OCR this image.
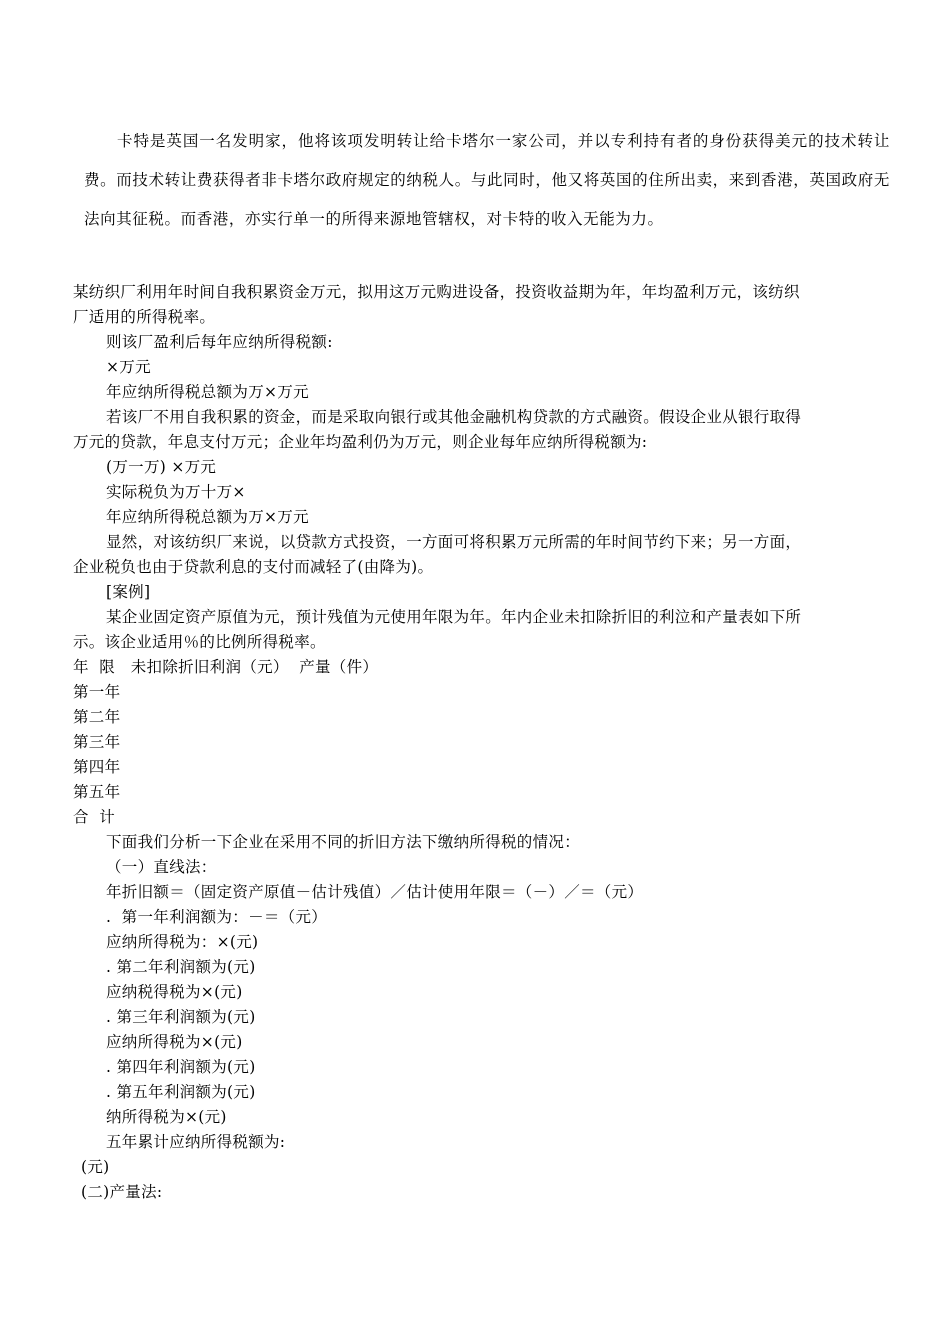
卡特是英国一名发明家，他将该项发明转让给卡塔尔一家公司，并以专利持有者的身份获得美元的技术转让费。而技术转让费获得者非卡塔尔政府规定的纳税人。与此同时，他又将英国的住所出卖，来到香港，英国政府无法向其征税。而香港，亦实行单一的所得来源地管辖权，对卡特的收入无能为力。
某纺织厂利用年时间自我积累资金万元，拟用这万元购进设备，投资收益期为年，年均盈利万元，该纺织
厂适用的所得税率。
则该厂盈利后每年应纳所得税额:
×万元
年应纳所得税总额为万×万元
若该厂不用自我积累的资金，而是采取向银行或其他金融机构贷款的方式融资。假设企业从银行取得
万元的贷款，年息支付万元；企业年均盈利仍为万元，则企业每年应纳所得税额为:
(万一万) ×万元
实际税负为万十万×
年应纳所得税总额为万×万元
显然，对该纺织厂来说，以贷款方式投资，一方面可将积累万元所需的年时间节约下来；另一方面，
企业税负也由于贷款利息的支付而减轻了(由降为)。
[案例]
某企业固定资产原值为元，预计残值为元使用年限为年。年内企业未扣除折旧的利泣和产量表如下所
示。该企业适用％的比例所得税率。
年  限   未扣除折旧利润（元）  产量（件）
第一年
第二年
第三年
第四年
第五年
合  计
下面我们分析一下企业在采用不同的折旧方法下缴纳所得税的情况：
（一）直线法：
年折旧额＝（固定资产原值－估计残值）／估计使用年限＝（－）／＝（元）
.  第一年利润额为：－＝（元）
应纳所得税为：×(元)
. 第二年利润额为(元)
应纳税得税为×(元)
. 第三年利润额为(元)
应纳所得税为×(元)
. 第四年利润额为(元)
. 第五年利润额为(元)
纳所得税为×(元)
五年累计应纳所得税额为:
(元)
(二)产量法:
